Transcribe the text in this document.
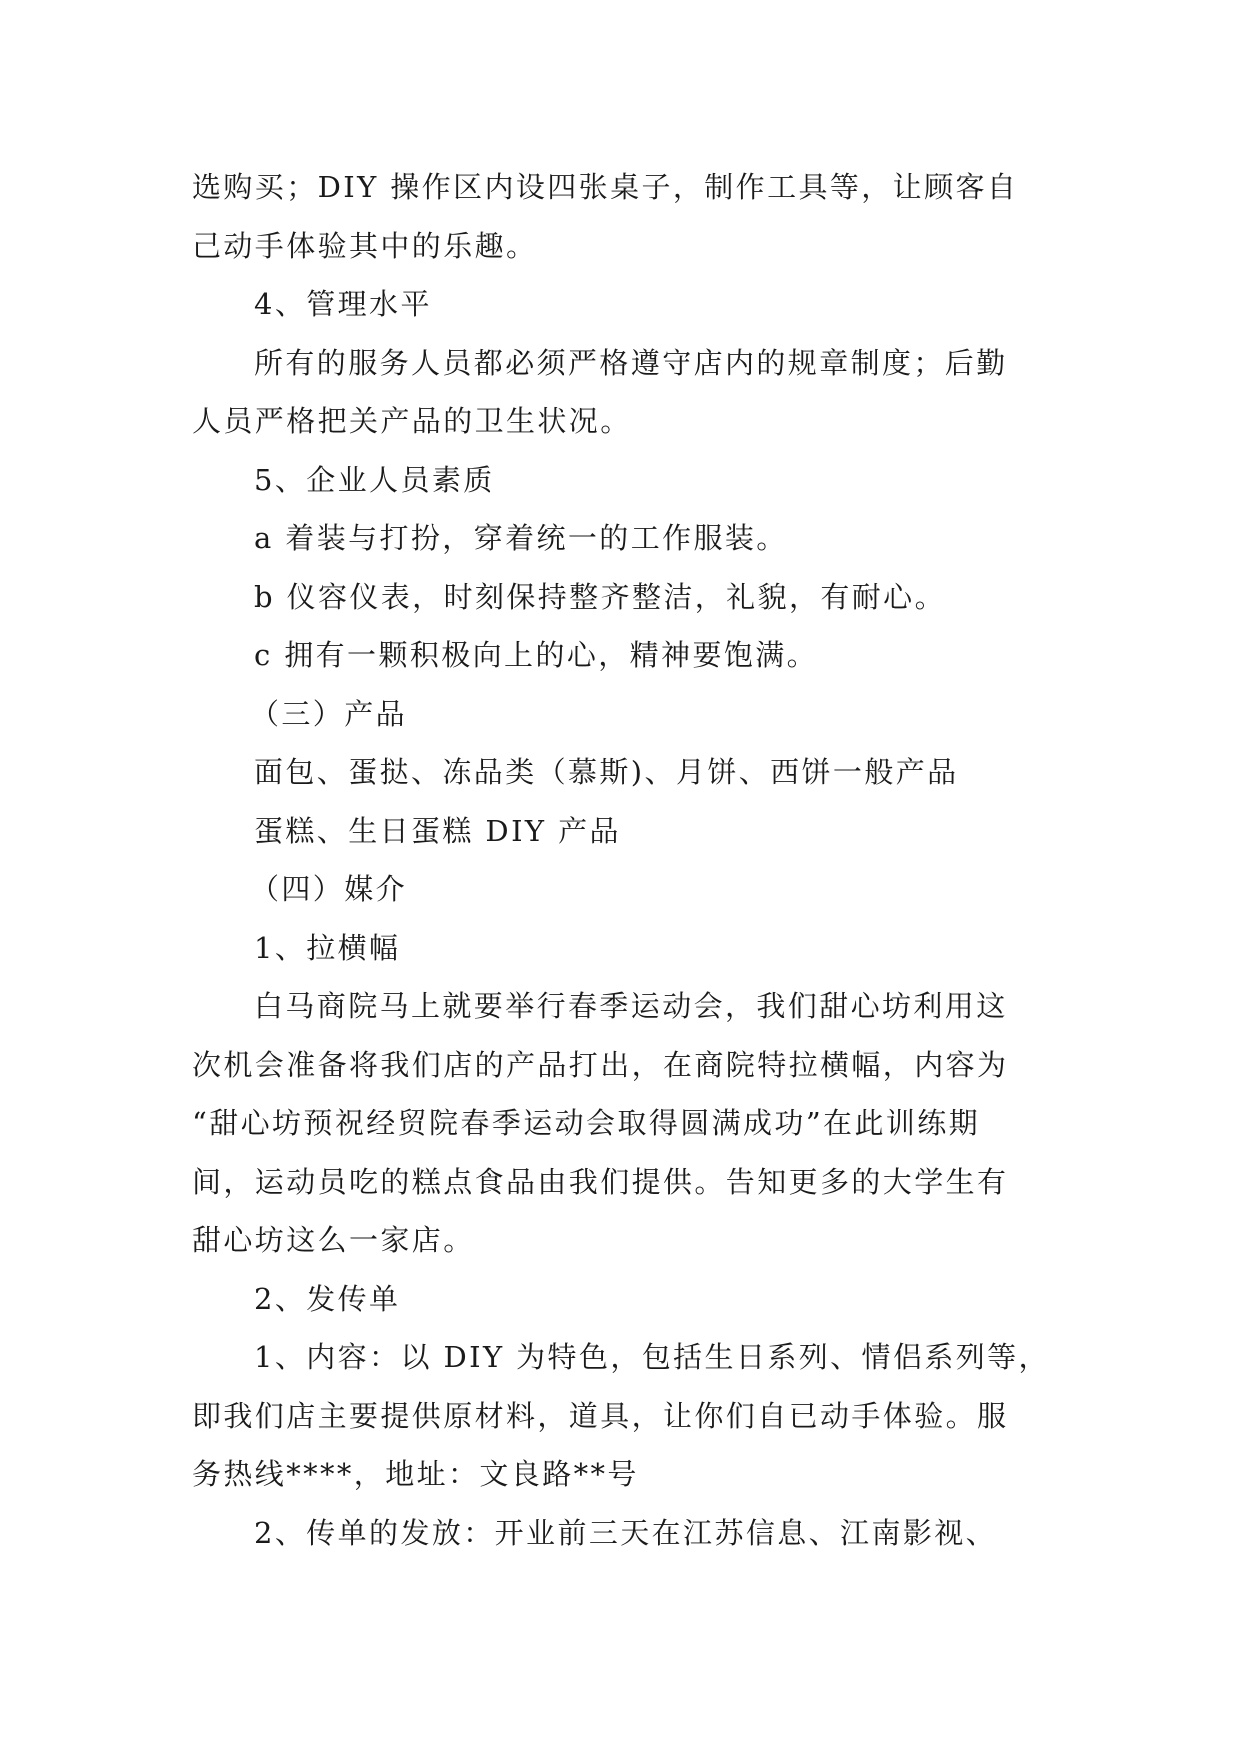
选购买；DIY 操作区内设四张桌子，制作工具等，让顾客自
己动手体验其中的乐趣。
4、管理水平
所有的服务人员都必须严格遵守店内的规章制度；后勤
人员严格把关产品的卫生状况。
5、企业人员素质
a 着装与打扮，穿着统一的工作服装。
b 仪容仪表，时刻保持整齐整洁，礼貌，有耐心。
c 拥有一颗积极向上的心，精神要饱满。
（三）产品
面包、蛋挞、冻品类（慕斯)、月饼、西饼一般产品
蛋糕、生日蛋糕 DIY 产品
（四）媒介
1、拉横幅
白马商院马上就要举行春季运动会，我们甜心坊利用这
次机会准备将我们店的产品打出，在商院特拉横幅，内容为
“甜心坊预祝经贸院春季运动会取得圆满成功”在此训练期
间，运动员吃的糕点食品由我们提供。告知更多的大学生有
甜心坊这么一家店。
2、发传单
1、内容：以 DIY 为特色，包括生日系列、情侣系列等，
即我们店主要提供原材料，道具，让你们自已动手体验。服
务热线****，地址：文良路**号
2、传单的发放：开业前三天在江苏信息、江南影视、
